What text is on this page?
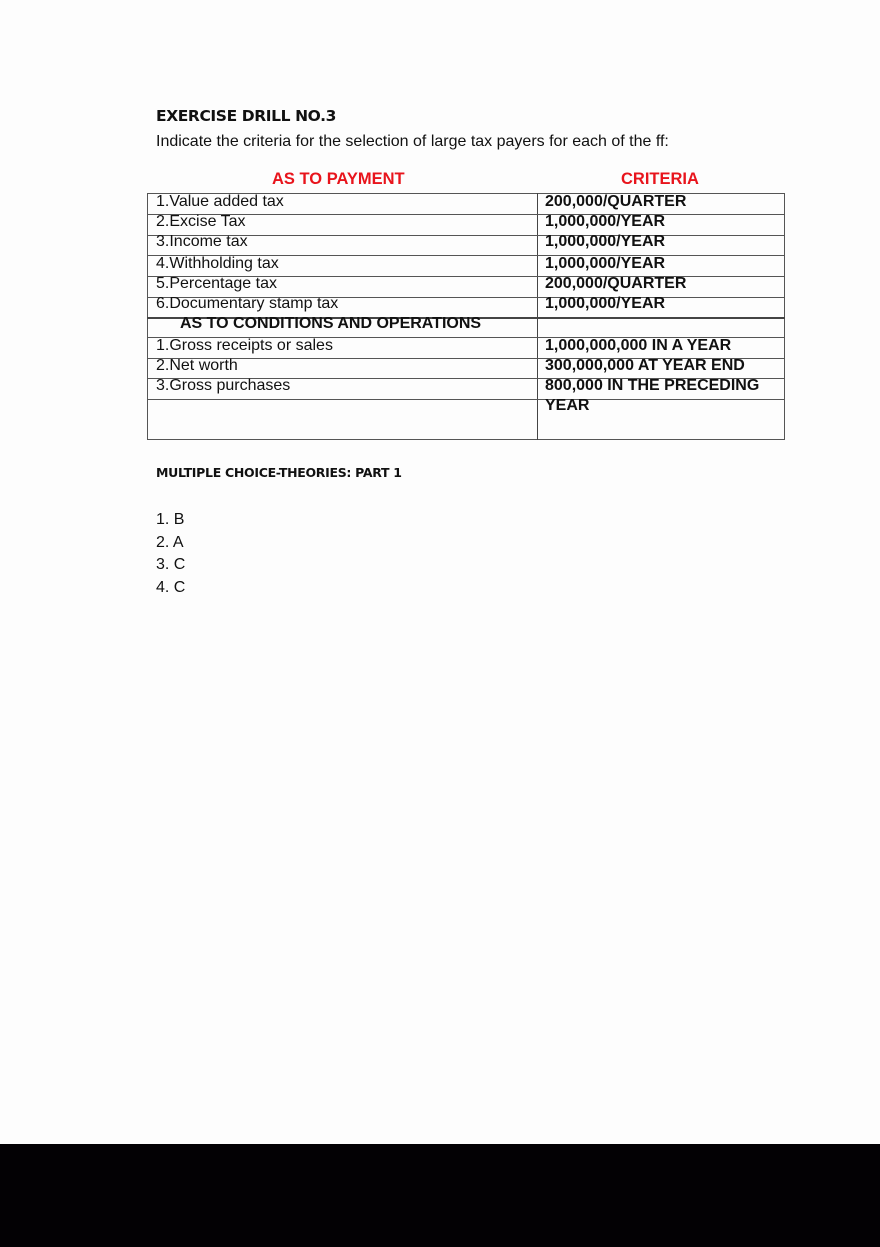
EXERCISE DRILL NO.3
Indicate the criteria for the selection of large tax payers for each of the ff:
AS TO PAYMENT	CRITERIA
1.Value added tax	200,000/QUARTER
2.Excise Tax	1,000,000/YEAR
3.Income tax	1,000,000/YEAR
4.Withholding tax	1,000,000/YEAR
5.Percentage tax	200,000/QUARTER
6.Documentary stamp tax	1,000,000/YEAR
AS TO CONDITIONS AND OPERATIONS
1.Gross receipts or sales	1,000,000,000 IN A YEAR
2.Net worth	300,000,000 AT YEAR END
3.Gross purchases	800,000 IN THE PRECEDING
YEAR
MULTIPLE CHOICE-THEORIES: PART 1
1. B
2. A
3. C
4. C
